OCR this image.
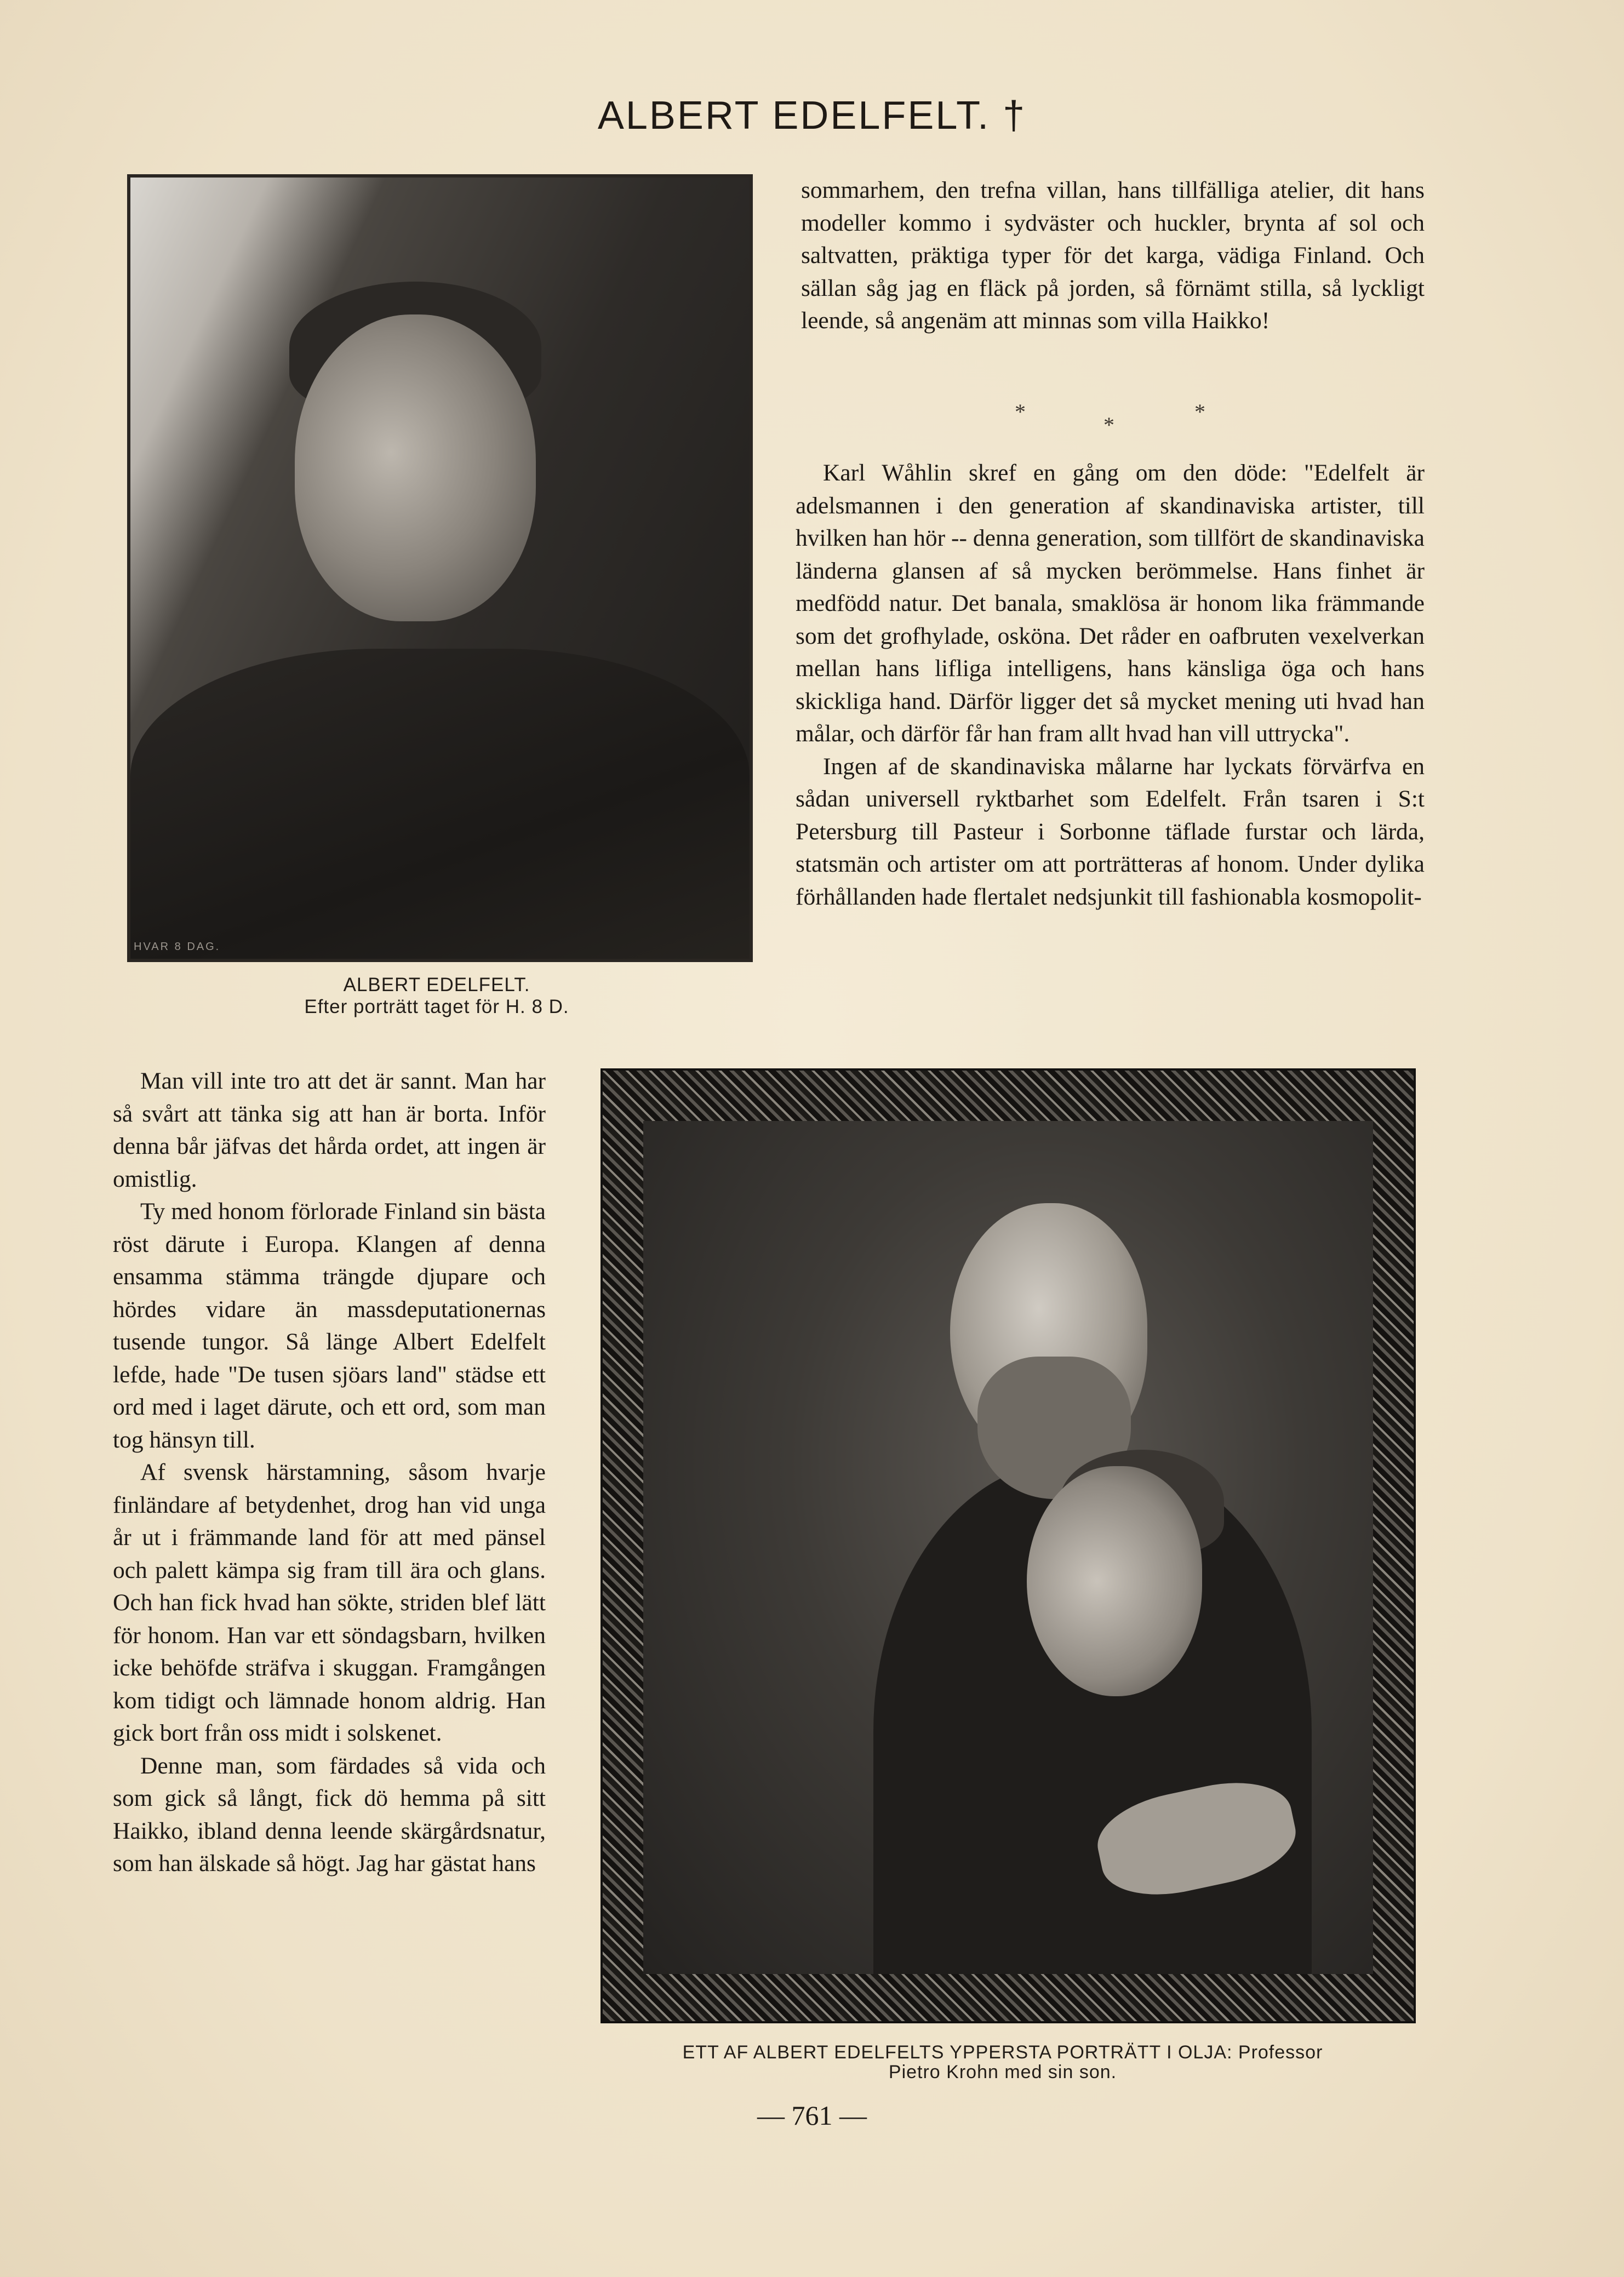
ALBERT EDELFELT. †
HVAR 8 DAG.
ALBERT EDELFELT.
Efter porträtt taget för H. 8 D.

sommarhem, den trefna villan, hans tillfälliga atelier, dit hans modeller kommo i sydväster och huckler, brynta af sol och saltvatten, präktiga typer för det karga, vädiga Finland. Och sällan såg jag en fläck på jorden, så förnämt stilla, så lyckligt leende, så angenäm att minnas som villa Haikko!

*
*
*

Karl Wåhlin skref en gång om den döde: "Edelfelt är adelsmannen i den generation af skandinaviska artister, till hvilken han hör -- denna generation, som tillfört de skandinaviska länderna glansen af så mycken berömmelse. Hans finhet är medfödd natur. Det banala, smaklösa är honom lika främmande som det grofhylade, osköna. Det råder en oafbruten vexelverkan mellan hans lifliga intelligens, hans känsliga öga och hans skickliga hand. Därför ligger det så mycket mening uti hvad han målar, och därför får han fram allt hvad han vill uttrycka".

Ingen af de skandinaviska målarne har lyckats förvärfva en sådan universell ryktbarhet som Edelfelt. Från tsaren i S:t Petersburg till Pasteur i Sorbonne täflade furstar och lärda, statsmän och artister om att porträtteras af honom. Under dylika förhållanden hade flertalet nedsjunkit till fashionabla kosmopolit-

Man vill inte tro att det är sannt. Man har så svårt att tänka sig att han är borta. Inför denna bår jäfvas det hårda ordet, att ingen är omistlig.

Ty med honom förlorade Finland sin bästa röst därute i Europa. Klangen af denna ensamma stämma trängde djupare och hördes vidare än massdeputationernas tusende tungor. Så länge Albert Edelfelt lefde, hade "De tusen sjöars land" städse ett ord med i laget därute, och ett ord, som man tog hänsyn till.

Af svensk härstamning, såsom hvarje finländare af betydenhet, drog han vid unga år ut i främmande land för att med pänsel och palett kämpa sig fram till ära och glans. Och han fick hvad han sökte, striden blef lätt för honom. Han var ett söndagsbarn, hvilken icke behöfde sträfva i skuggan. Framgången kom tidigt och lämnade honom aldrig. Han gick bort från oss midt i solskenet.

Denne man, som färdades så vida och som gick så långt, fick dö hemma på sitt Haikko, ibland denna leende skärgårdsnatur, som han älskade så högt. Jag har gästat hans

ETT AF ALBERT EDELFELTS YPPERSTA PORTRÄTT I OLJA: Professor
Pietro Krohn med sin son.
— 761 —
